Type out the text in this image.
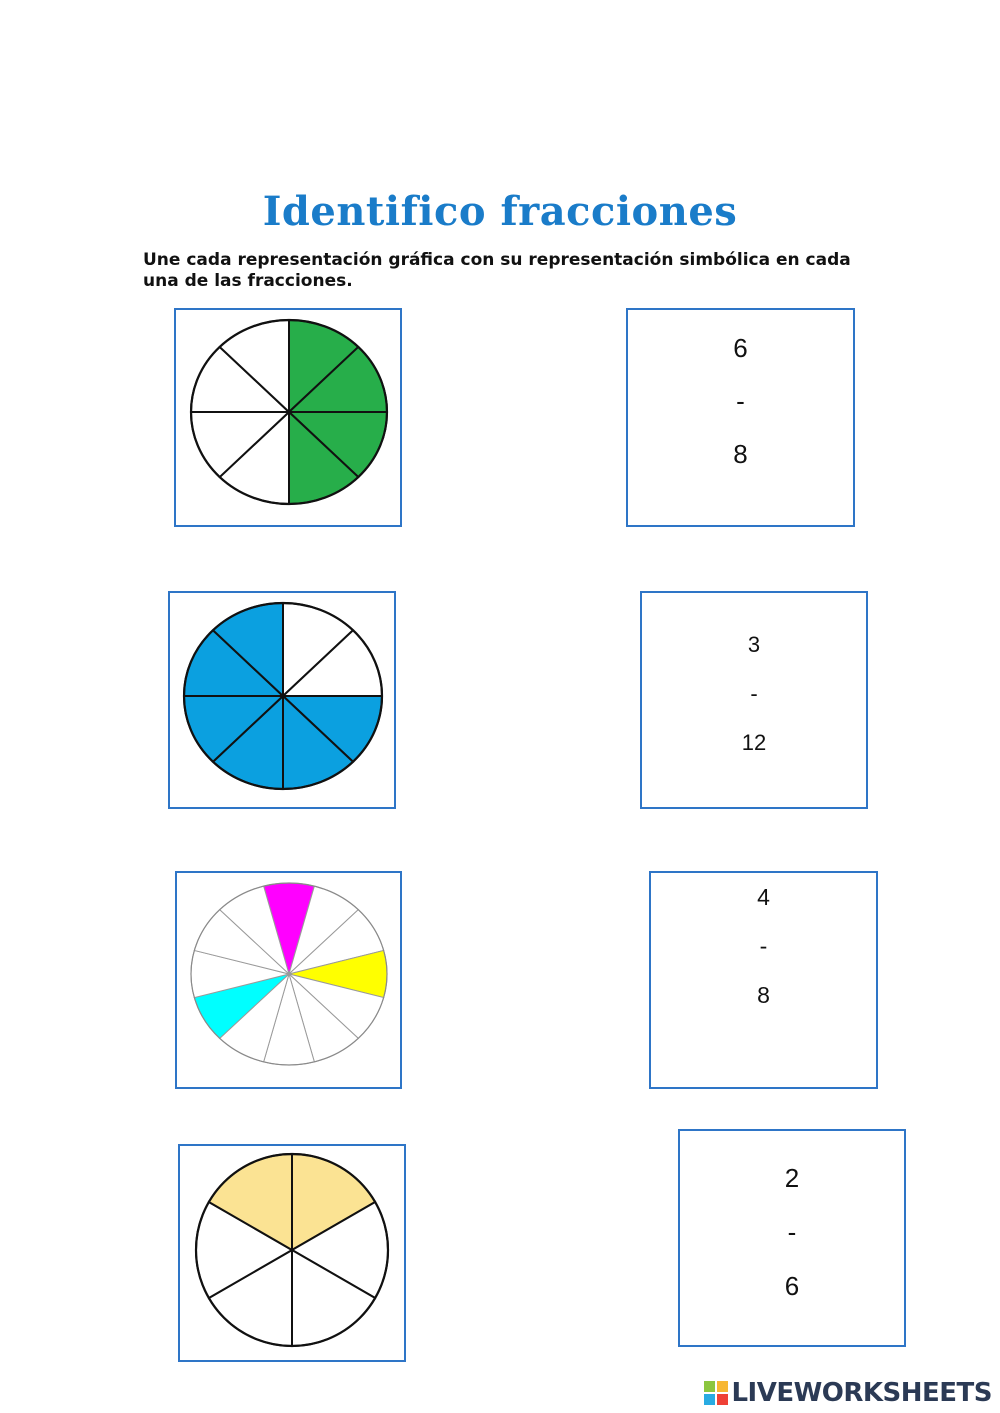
Identifico fracciones
Une cada representación gráfica con su representación simbólica en cada una de las fracciones.
6
-
8
3
-
12
4
-
8
2
-
6
LIVEWORKSHEETS
